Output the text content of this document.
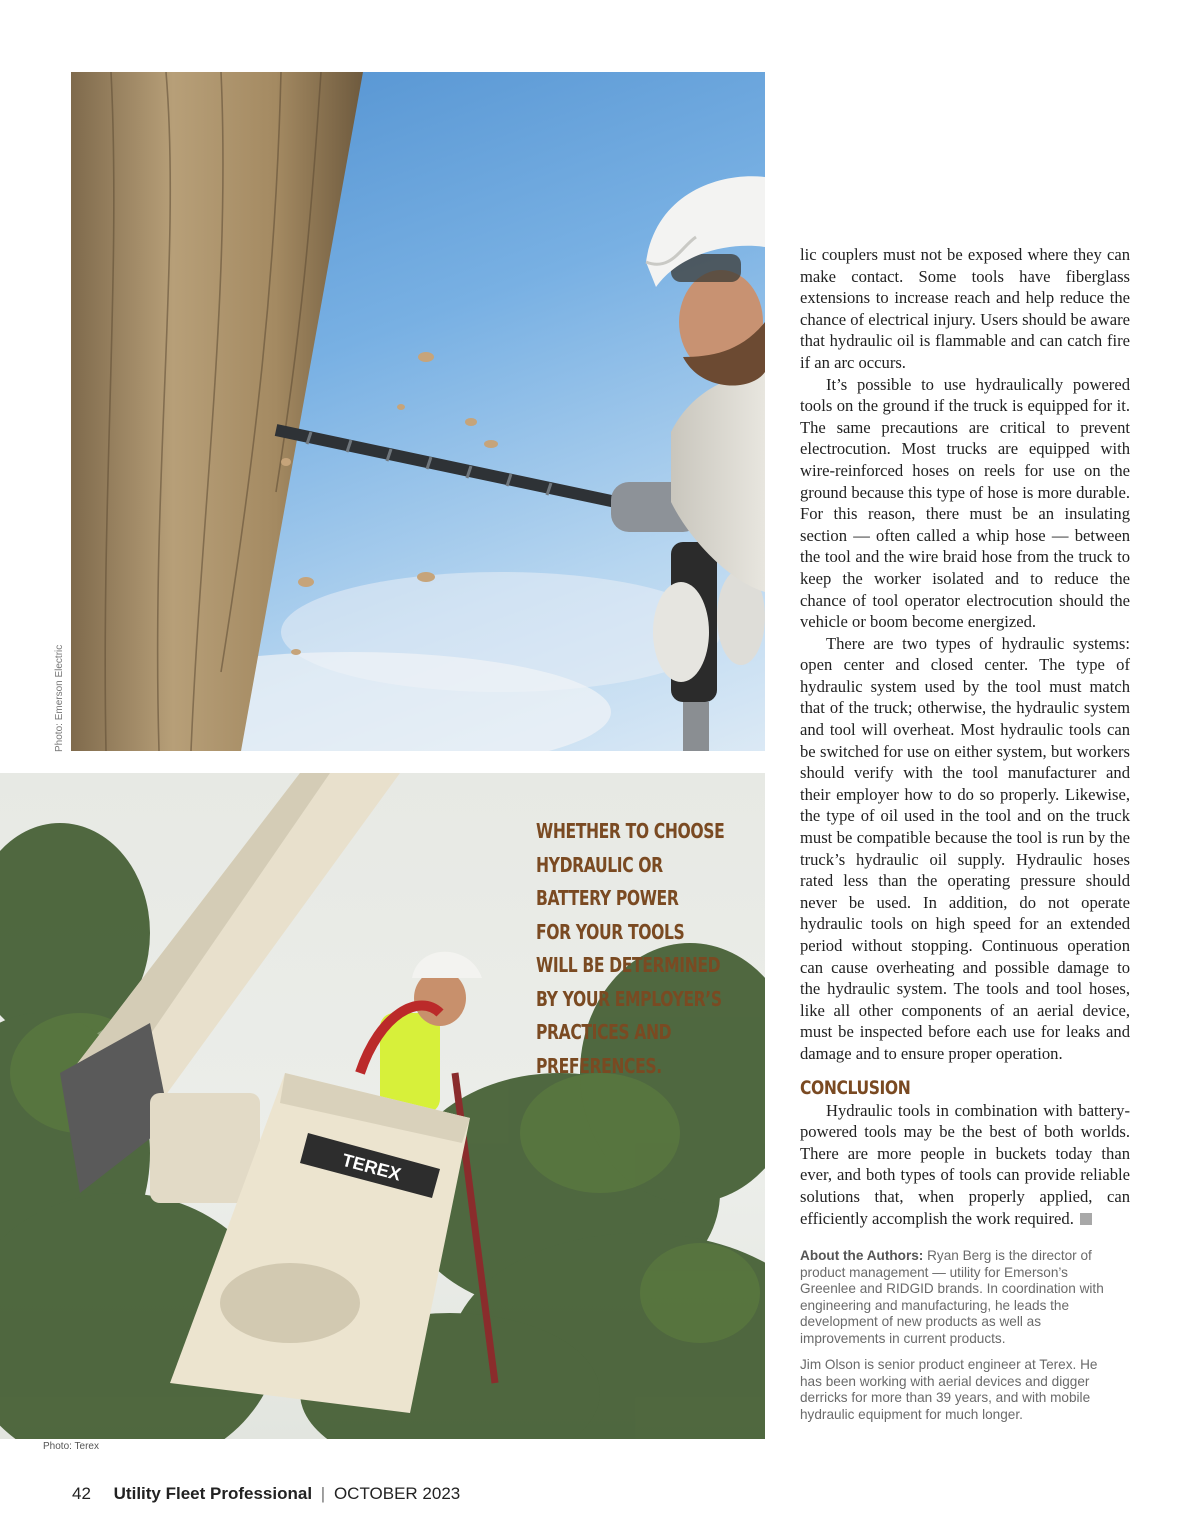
Photo: Emerson Electric
TEREX
Photo: Terex
WHETHER TO CHOOSE
HYDRAULIC OR
BATTERY POWER
FOR YOUR TOOLS
WILL BE DETERMINED
BY YOUR EMPLOYER’S
PRACTICES AND
PREFERENCES.

lic couplers must not be exposed where they can make contact. Some tools have fiberglass extensions to increase reach and help reduce the chance of electrical injury. Users should be aware that hydraulic oil is flammable and can catch fire if an arc occurs.

It’s possible to use hydraulically powered tools on the ground if the truck is equipped for it. The same precautions are critical to prevent electrocution. Most trucks are equipped with wire-reinforced hoses on reels for use on the ground because this type of hose is more durable. For this reason, there must be an insulating section — often called a whip hose — between the tool and the wire braid hose from the truck to keep the worker isolated and to reduce the chance of tool operator electrocution should the vehicle or boom become energized.

There are two types of hydraulic systems: open center and closed center. The type of hydraulic system used by the tool must match that of the truck; otherwise, the hydraulic system and tool will overheat. Most hydraulic tools can be switched for use on either system, but workers should verify with the tool manufacturer and their employer how to do so properly. Likewise, the type of oil used in the tool and on the truck must be compatible because the tool is run by the truck’s hydraulic oil supply. Hydraulic hoses rated less than the operating pressure should never be used. In addition, do not operate hydraulic tools on high speed for an extended period without stopping. Continuous operation can cause overheating and possible damage to the hydraulic system. The tools and tool hoses, like all other components of an aerial device, must be inspected before each use for leaks and damage and to ensure proper operation.

CONCLUSION

Hydraulic tools in combination with battery-powered tools may be the best of both worlds. There are more people in buckets today than ever, and both types of tools can provide reliable solutions that, when properly applied, can efficiently accomplish the work required.

About the Authors: Ryan Berg is the director of product management — utility for Emerson’s Greenlee and RIDGID brands. In coordination with engineering and manufacturing, he leads the development of new products as well as improvements in current products.

Jim Olson is senior product engineer at Terex. He has been working with aerial devices and digger derricks for more than 39 years, and with mobile hydraulic equipment for much longer.

42 Utility Fleet Professional | OCTOBER 2023
